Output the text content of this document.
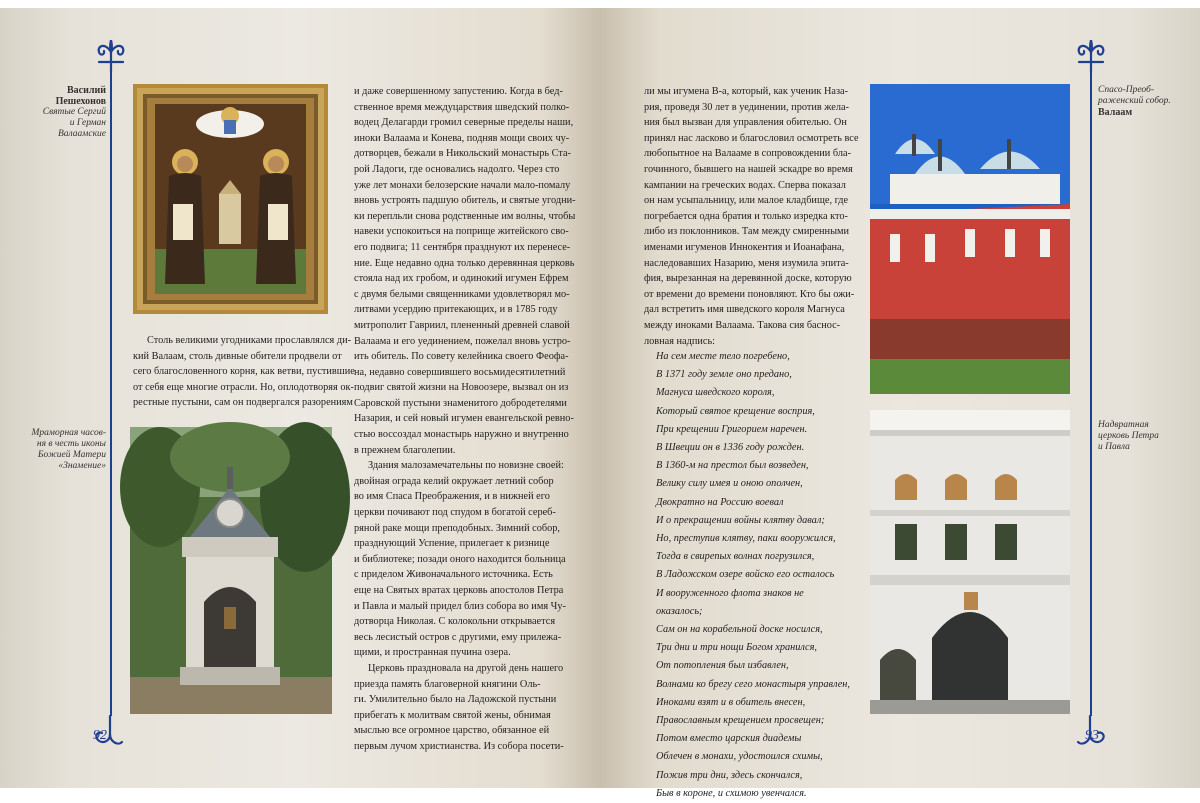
92	93
Василий
Пешехонов
Святые Сергий
и Герман
Валаамские
Мраморная часов-
ня в честь иконы
Божией Матери
«Знамение»
Спасо-Преоб-
раженский собор.
Валаам
Надвратная
церковь Петра
и Павла
Столь великими угодниками прославлялся ди-
кий Валаам, столь дивные обители продвели от
сего благословенного корня, как ветви, пустившие
от себя еще многие отрасли. Но, оплодотворяя ок-
рестные пустыни, сам он подвергался разорениям
и даже совершенному запустению. Когда в бед-
ственное время междуцарствия шведский полко-
водец Делагарди громил северные пределы наши,
иноки Валаама и Конева, подняв мощи своих чу-
дотворцев, бежали в Никольский монастырь Ста-
рой Ладоги, где основались надолго. Через сто
уже лет монахи белозерские начали мало-помалу
вновь устроять падшую обитель, и святые угодни-
ки перепльли снова родственные им волны, чтобы
навеки успокоиться на поприще житейского сво-
его подвига; 11 сентября празднуют их перенесе-
ние. Еще недавно одна только деревянная церковь
стояла над их гробом, и одинокий игумен Ефрем
с двумя белыми священниками удовлетворял мо-
литвами усердию притекающих, и в 1785 году
митрополит Гавриил, плененный древней славой
Валаама и его уединением, пожелал вновь устро-
ить обитель. По совету келейника своего Феофа-
на, недавно совершившего восьмидесятилетний
подвиг святой жизни на Новоозере, вызвал он из
Саровской пустыни знаменитого добродетелями
Назария, и сей новый игумен евангельской ревно-
стью воссоздал монастырь наружно и внутренно
в прежнем благолепии.
Здания малозамечательны по новизне своей:
двойная ограда келий окружает летний собор
во имя Спаса Преображения, и в нижней его
церкви почивают под спудом в богатой сереб-
ряной раке мощи преподобных. Зимний собор,
празднующий Успение, прилегает к ризнице
и библиотеке; позади оного находится больница
с приделом Живоначального источника. Есть
еще на Святых вратах церковь апостолов Петра
и Павла и малый придел близ собора во имя Чу-
дотворца Николая. С колокольни открывается
весь лесистый остров с другими, ему прилежа-
щими, и пространная пучина озера.
Церковь праздновала на другой день нашего
приезда память благоверной княгини Оль-
ги. Умилительно было на Ладожской пустыни
прибегать к молитвам святой жены, обнимая
мыслью все огромное царство, обязанное ей
первым лучом христианства. Из собора посети-
ли мы игумена В-а, который, как ученик Наза-
рия, проведя 30 лет в уединении, против жела-
ния был вызван для управления обителью. Он
принял нас ласково и благословил осмотреть все
любопытное на Валааме в сопровождении бла-
гочинного, бывшего на нашей эскадре во время
кампании на греческих водах. Сперва показал
он нам усыпальницу, или малое кладбище, где
погребается одна братия и только изредка кто-
либо из поклонников. Там между смиренными
именами игуменов Иннокентия и Иоанафана,
наследовавших Назарию, меня изумила эпита-
фия, вырезанная на деревянной доске, которую
от времени до времени поновляют. Кто бы ожи-
дал встретить имя шведского короля Магнуса
между иноками Валаама. Такова сия баснос-
ловная надпись:
На сем месте тело погребено,
В 1371 году земле оно предано,
Магнуса шведского короля,
Который святое крещение восприя,
При крещении Григорием наречен.
В Швеции он в 1336 году рожден.
В 1360-м на престол был возведен,
Велику силу имея и оною ополчен,
Двократно на Россию воевал
И о прекращении войны клятву давал;
Но, преступив клятву, паки вооружился,
Тогда в свирепых волнах погрузился,
В Ладожском озере войско его осталось
И вооруженного флота знаков не
оказалось;
Сам он на корабельной доске носился,
Три дни и три нощи Богом хранился,
От потопления был избавлен,
Волнами ко брегу сего монастыря управлен,
Иноками взят и в обитель внесен,
Православным крещением просвещен;
Потом вместо царския диадемы
Облечен в монахи, удостоился схимы,
Пожив три дни, здесь скончался,
Быв в короне, и схимою увенчался.
